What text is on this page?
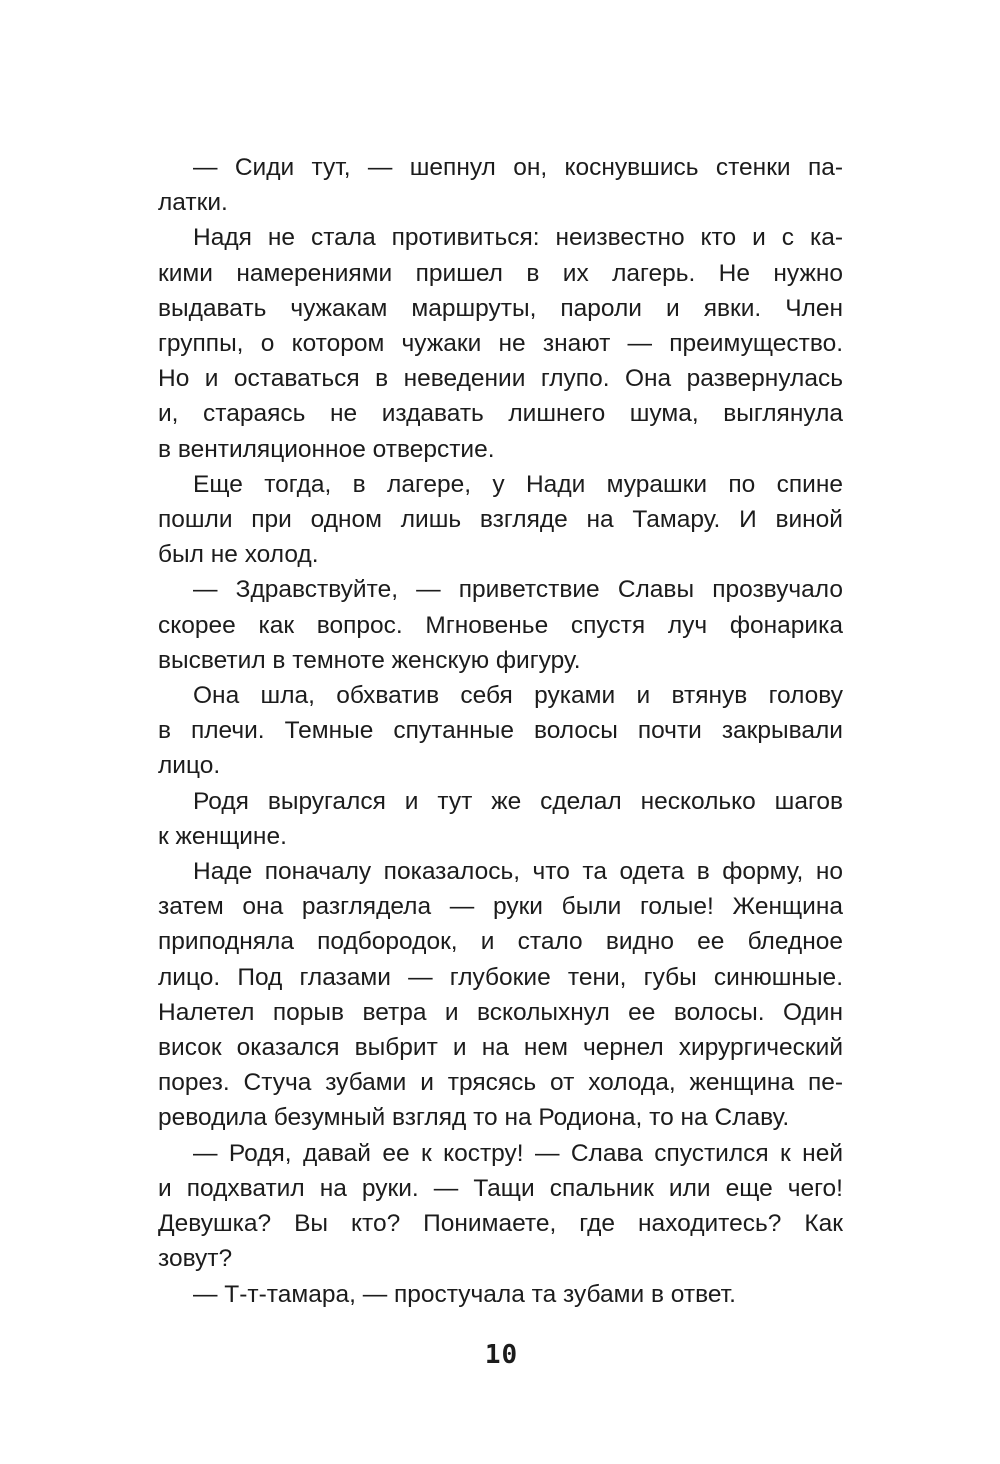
— Сиди тут, — шепнул он, коснувшись стенки па-
латки.
Надя не стала противиться: неизвестно кто и с ка-
кими намерениями пришел в их лагерь. Не нужно
выдавать чужакам маршруты, пароли и явки. Член
группы, о котором чужаки не знают — преимущество.
Но и оставаться в неведении глупо. Она развернулась
и, стараясь не издавать лишнего шума, выглянула
в вентиляционное отверстие.
Еще тогда, в лагере, у Нади мурашки по спине
пошли при одном лишь взгляде на Тамару. И виной
был не холод.
— Здравствуйте, — приветствие Славы прозвучало
скорее как вопрос. Мгновенье спустя луч фонарика
высветил в темноте женскую фигуру.
Она шла, обхватив себя руками и втянув голову
в плечи. Темные спутанные волосы почти закрывали
лицо.
Родя выругался и тут же сделал несколько шагов
к женщине.
Наде поначалу показалось, что та одета в форму, но
затем она разглядела — руки были голые! Женщина
приподняла подбородок, и стало видно ее бледное
лицо. Под глазами — глубокие тени, губы синюшные.
Налетел порыв ветра и всколыхнул ее волосы. Один
висок оказался выбрит и на нем чернел хирургический
порез. Стуча зубами и трясясь от холода, женщина пе-
реводила безумный взгляд то на Родиона, то на Славу.
— Родя, давай ее к костру! — Слава спустился к ней
и подхватил на руки. — Тащи спальник или еще чего!
Девушка? Вы кто? Понимаете, где находитесь? Как
зовут?
— Т-т-тамара, — простучала та зубами в ответ.
10
